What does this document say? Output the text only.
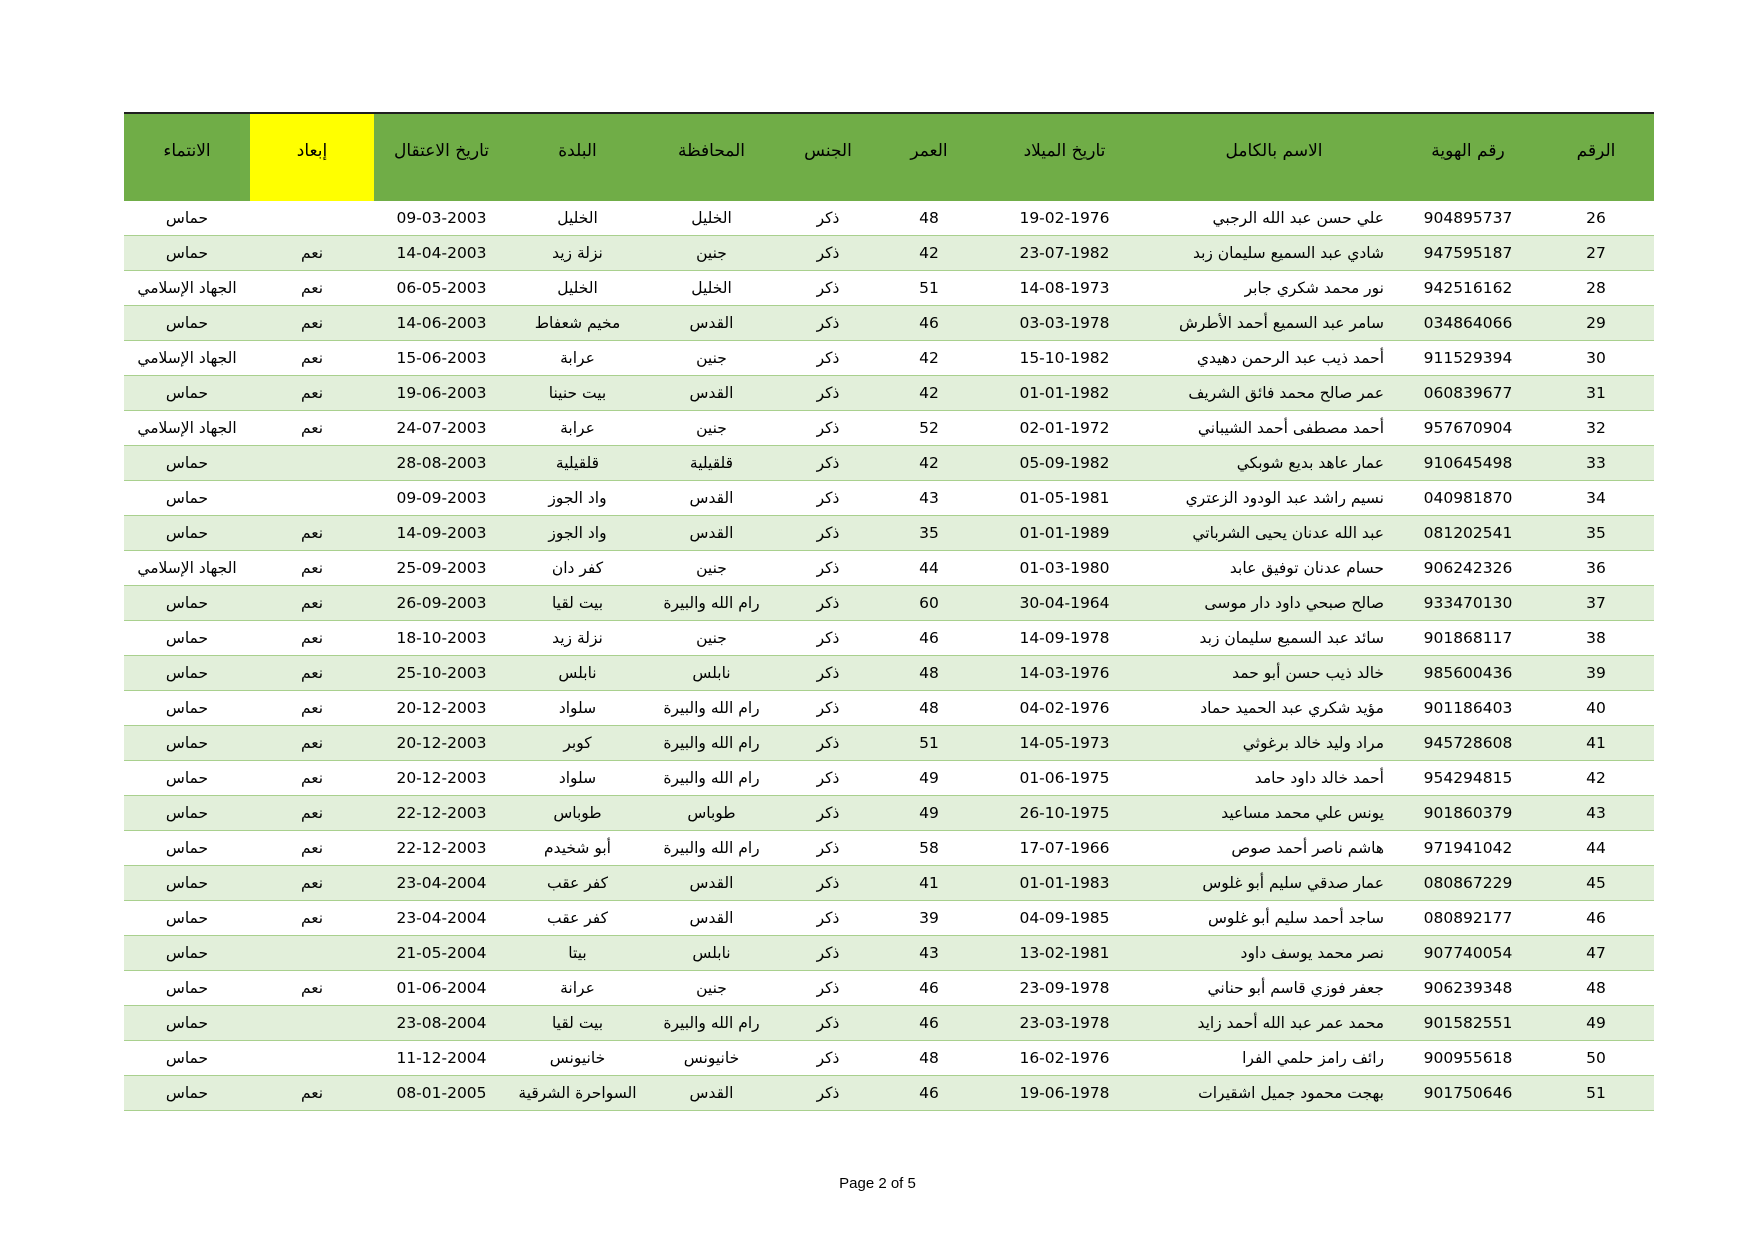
الرقم	رقم الهوية	الاسم بالكامل	تاريخ الميلاد	العمر	الجنس	المحافظة	البلدة	تاريخ الاعتقال	إبعاد	الانتماء
26	904895737	علي حسن عبد الله الرجبي	19-02-1976	48	ذكر	الخليل	الخليل	09-03-2003		حماس
27	947595187	شادي عبد السميع سليمان زبد	23-07-1982	42	ذكر	جنين	نزلة زيد	14-04-2003	نعم	حماس
28	942516162	نور محمد شكري جابر	14-08-1973	51	ذكر	الخليل	الخليل	06-05-2003	نعم	الجهاد الإسلامي
29	034864066	سامر عبد السميع أحمد الأطرش	03-03-1978	46	ذكر	القدس	مخيم شعفاط	14-06-2003	نعم	حماس
30	911529394	أحمد ذيب عبد الرحمن دهيدي	15-10-1982	42	ذكر	جنين	عرابة	15-06-2003	نعم	الجهاد الإسلامي
31	060839677	عمر صالح محمد فائق الشريف	01-01-1982	42	ذكر	القدس	بيت حنينا	19-06-2003	نعم	حماس
32	957670904	أحمد مصطفى أحمد الشيباني	02-01-1972	52	ذكر	جنين	عرابة	24-07-2003	نعم	الجهاد الإسلامي
33	910645498	عمار عاهد بديع شوبكي	05-09-1982	42	ذكر	قلقيلية	قلقيلية	28-08-2003		حماس
34	040981870	نسيم راشد عبد الودود الزعتري	01-05-1981	43	ذكر	القدس	واد الجوز	09-09-2003		حماس
35	081202541	عبد الله عدنان يحيى الشرباتي	01-01-1989	35	ذكر	القدس	واد الجوز	14-09-2003	نعم	حماس
36	906242326	حسام عدنان توفيق عابد	01-03-1980	44	ذكر	جنين	كفر دان	25-09-2003	نعم	الجهاد الإسلامي
37	933470130	صالح صبحي داود دار موسى	30-04-1964	60	ذكر	رام الله والبيرة	بيت لقيا	26-09-2003	نعم	حماس
38	901868117	سائد عبد السميع سليمان زبد	14-09-1978	46	ذكر	جنين	نزلة زيد	18-10-2003	نعم	حماس
39	985600436	خالد ذيب حسن أبو حمد	14-03-1976	48	ذكر	نابلس	نابلس	25-10-2003	نعم	حماس
40	901186403	مؤيد شكري عبد الحميد حماد	04-02-1976	48	ذكر	رام الله والبيرة	سلواد	20-12-2003	نعم	حماس
41	945728608	مراد وليد خالد برغوثي	14-05-1973	51	ذكر	رام الله والبيرة	كوبر	20-12-2003	نعم	حماس
42	954294815	أحمد خالد داود حامد	01-06-1975	49	ذكر	رام الله والبيرة	سلواد	20-12-2003	نعم	حماس
43	901860379	يونس علي محمد مساعيد	26-10-1975	49	ذكر	طوباس	طوباس	22-12-2003	نعم	حماس
44	971941042	هاشم ناصر أحمد صوص	17-07-1966	58	ذكر	رام الله والبيرة	أبو شخيدم	22-12-2003	نعم	حماس
45	080867229	عمار صدقي سليم أبو غلوس	01-01-1983	41	ذكر	القدس	كفر عقب	23-04-2004	نعم	حماس
46	080892177	ساجد أحمد سليم أبو غلوس	04-09-1985	39	ذكر	القدس	كفر عقب	23-04-2004	نعم	حماس
47	907740054	نصر محمد يوسف داود	13-02-1981	43	ذكر	نابلس	بيتا	21-05-2004		حماس
48	906239348	جعفر فوزي قاسم أبو حناني	23-09-1978	46	ذكر	جنين	عرانة	01-06-2004	نعم	حماس
49	901582551	محمد عمر عبد الله أحمد زايد	23-03-1978	46	ذكر	رام الله والبيرة	بيت لقيا	23-08-2004		حماس
50	900955618	رائف رامز حلمي الفرا	16-02-1976	48	ذكر	خانيونس	خانيونس	11-12-2004		حماس
51	901750646	بهجت محمود جميل اشقيرات	19-06-1978	46	ذكر	القدس	السواحرة الشرقية	08-01-2005	نعم	حماس
Page 2 of 5
